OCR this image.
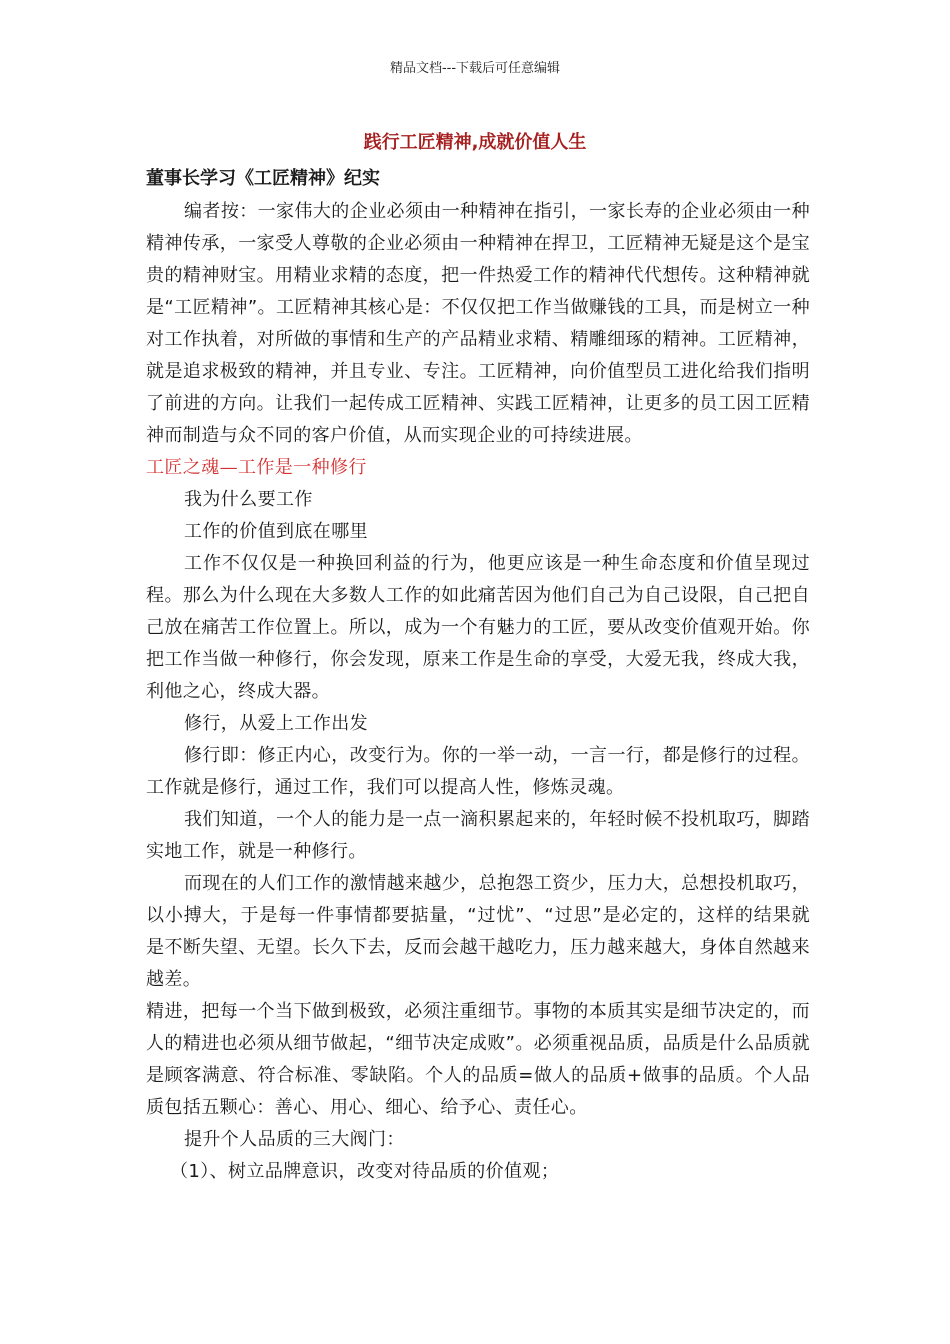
精品文档---下载后可任意编辑
践行工匠精神,成就价值人生
董事长学习《工匠精神》纪实

编者按：一家伟大的企业必须由一种精神在指引，一家长寿的企业必须由一种精神传承，一家受人尊敬的企业必须由一种精神在捍卫，工匠精神无疑是这个是宝贵的精神财宝。用精业求精的态度，把一件热爱工作的精神代代想传。这种精神就是“工匠精神”。工匠精神其核心是：不仅仅把工作当做赚钱的工具，而是树立一种对工作执着，对所做的事情和生产的产品精业求精、精雕细琢的精神。工匠精神，就是追求极致的精神，并且专业、专注。工匠精神，向价值型员工进化给我们指明了前进的方向。让我们一起传成工匠精神、实践工匠精神，让更多的员工因工匠精神而制造与众不同的客户价值，从而实现企业的可持续进展。

工匠之魂—工作是一种修行

我为什么要工作

工作的价值到底在哪里

工作不仅仅是一种换回利益的行为，他更应该是一种生命态度和价值呈现过程。那么为什么现在大多数人工作的如此痛苦因为他们自己为自己设限，自己把自己放在痛苦工作位置上。所以，成为一个有魅力的工匠，要从改变价值观开始。你把工作当做一种修行，你会发现，原来工作是生命的享受，大爱无我，终成大我，利他之心，终成大器。

修行，从爱上工作出发

修行即：修正内心，改变行为。你的一举一动，一言一行，都是修行的过程。工作就是修行，通过工作，我们可以提高人性，修炼灵魂。

我们知道，一个人的能力是一点一滴积累起来的，年轻时候不投机取巧，脚踏实地工作，就是一种修行。

而现在的人们工作的激情越来越少，总抱怨工资少，压力大，总想投机取巧，以小搏大，于是每一件事情都要掂量，“过忧”、“过思”是必定的，这样的结果就是不断失望、无望。长久下去，反而会越干越吃力，压力越来越大，身体自然越来越差。

精进，把每一个当下做到极致，必须注重细节。事物的本质其实是细节决定的，而人的精进也必须从细节做起，“细节决定成败”。必须重视品质，品质是什么品质就是顾客满意、符合标准、零缺陷。个人的品质=做人的品质+做事的品质。个人品质包括五颗心：善心、用心、细心、给予心、责任心。

提升个人品质的三大阀门：

（1）、树立品牌意识，改变对待品质的价值观；
